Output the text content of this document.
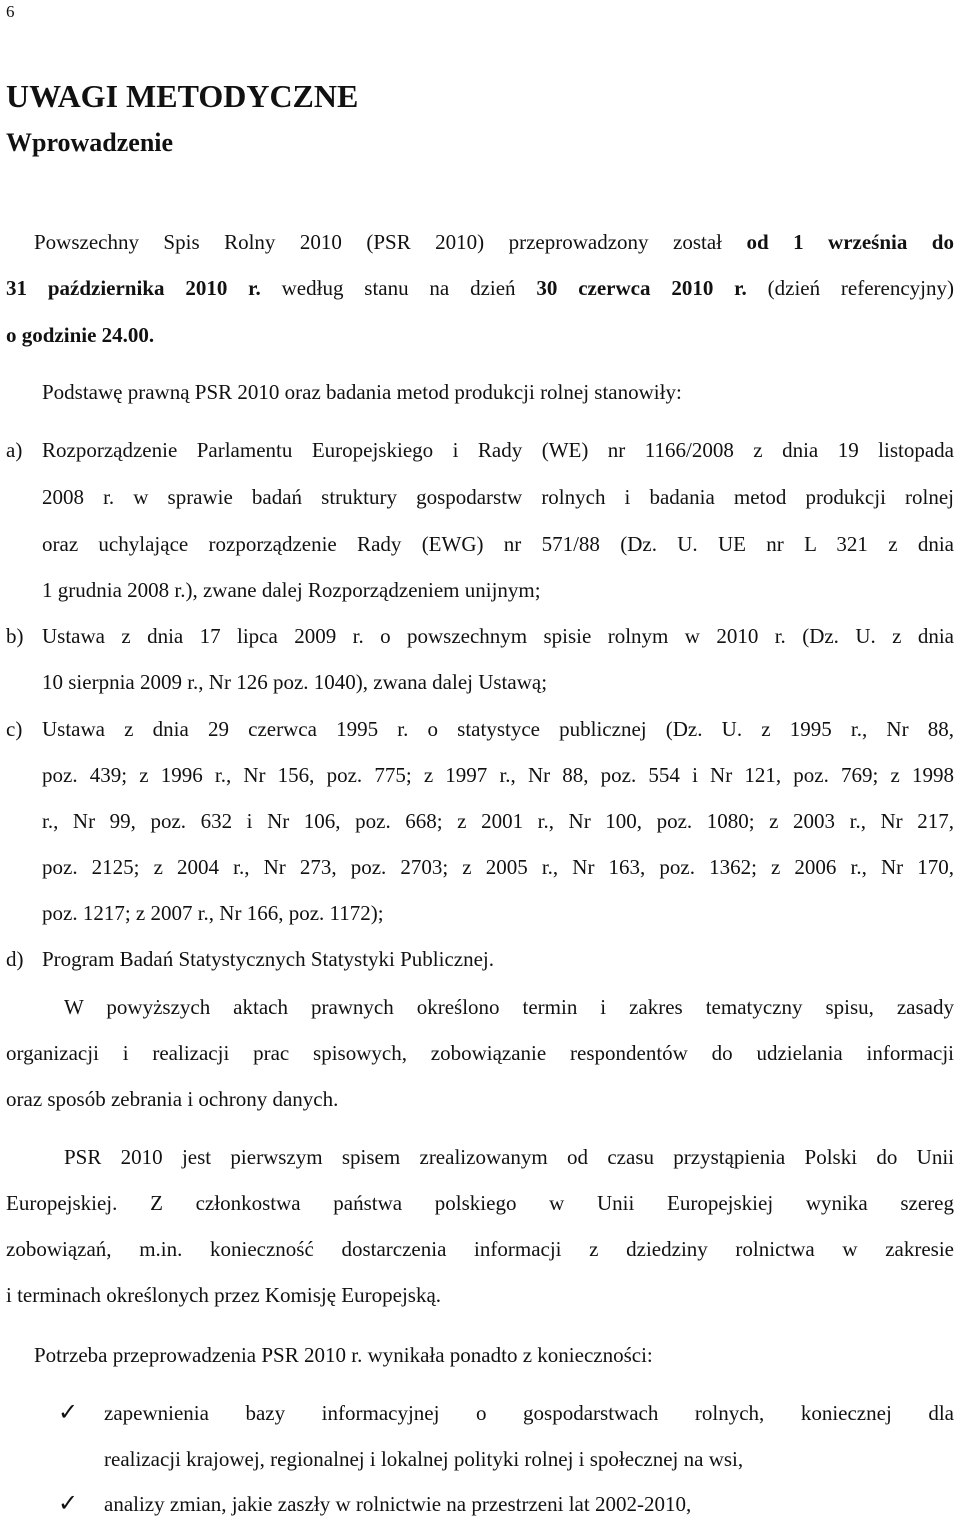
6
UWAGI METODYCZNE
Wprowadzenie
Powszechny Spis Rolny 2010 (PSR 2010) przeprowadzony został od 1 września do
31 października 2010 r. według stanu na dzień 30 czerwca 2010 r. (dzień referencyjny)
o godzinie 24.00.
Podstawę prawną PSR 2010 oraz badania metod produkcji rolnej stanowiły:
a) Rozporządzenie Parlamentu Europejskiego i Rady (WE) nr 1166/2008 z dnia 19 listopada
2008 r. w sprawie badań struktury gospodarstw rolnych i badania metod produkcji rolnej
oraz uchylające rozporządzenie Rady (EWG) nr 571/88 (Dz. U. UE nr L 321 z dnia
1 grudnia 2008 r.), zwane dalej Rozporządzeniem unijnym;
b) Ustawa z dnia 17 lipca 2009 r. o powszechnym spisie rolnym w 2010 r. (Dz. U. z dnia
10 sierpnia 2009 r., Nr 126 poz. 1040), zwana dalej Ustawą;
c) Ustawa z dnia 29 czerwca 1995 r. o statystyce publicznej (Dz. U. z 1995 r., Nr 88,
poz. 439; z 1996 r., Nr 156, poz. 775; z 1997 r., Nr 88, poz. 554 i Nr 121, poz. 769; z 1998
r., Nr 99, poz. 632 i Nr 106, poz. 668; z 2001 r., Nr 100, poz. 1080; z 2003 r., Nr 217,
poz. 2125; z 2004 r., Nr 273, poz. 2703; z 2005 r., Nr 163, poz. 1362; z 2006 r., Nr 170,
poz. 1217; z 2007 r., Nr 166, poz. 1172);
d) Program Badań Statystycznych Statystyki Publicznej.
W powyższych aktach prawnych określono termin i zakres tematyczny spisu, zasady
organizacji i realizacji prac spisowych, zobowiązanie respondentów do udzielania informacji
oraz sposób zebrania i ochrony danych.
PSR 2010 jest pierwszym spisem zrealizowanym od czasu przystąpienia Polski do Unii
Europejskiej. Z członkostwa państwa polskiego w Unii Europejskiej wynika szereg
zobowiązań, m.in. konieczność dostarczenia informacji z dziedziny rolnictwa w zakresie
i terminach określonych przez Komisję Europejską.
Potrzeba przeprowadzenia PSR 2010 r. wynikała ponadto z konieczności:
✓ zapewnienia bazy informacyjnej o gospodarstwach rolnych, koniecznej dla
realizacji krajowej, regionalnej i lokalnej polityki rolnej i społecznej na wsi,
✓ analizy zmian, jakie zaszły w rolnictwie na przestrzeni lat 2002-2010,
